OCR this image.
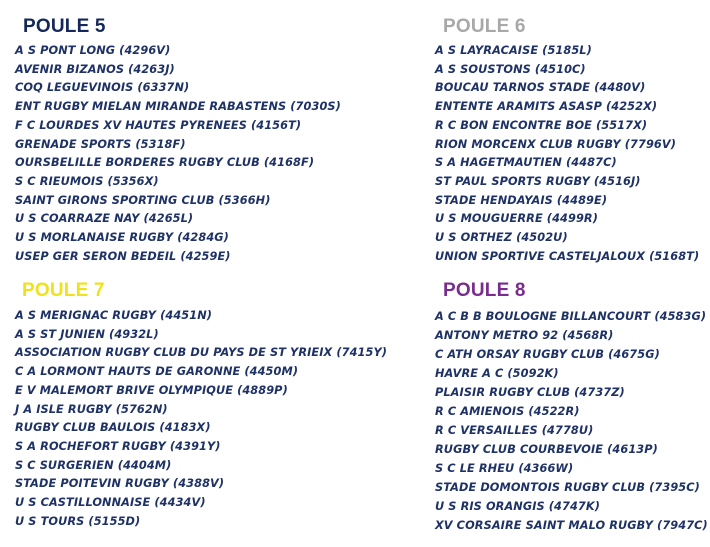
POULE 5
A S PONT LONG (4296V)
AVENIR BIZANOS (4263J)
COQ LEGUEVINOIS (6337N)
ENT RUGBY MIELAN MIRANDE RABASTENS (7030S)
F C LOURDES XV HAUTES PYRENEES (4156T)
GRENADE SPORTS (5318F)
OURSBELILLE BORDERES RUGBY CLUB (4168F)
S C RIEUMOIS (5356X)
SAINT GIRONS SPORTING CLUB (5366H)
U S COARRAZE NAY (4265L)
U S MORLANAISE RUGBY (4284G)
USEP GER SERON BEDEIL (4259E)
POULE 6
A S LAYRACAISE (5185L)
A S SOUSTONS (4510C)
BOUCAU TARNOS STADE (4480V)
ENTENTE ARAMITS ASASP (4252X)
R C BON ENCONTRE BOE (5517X)
RION MORCENX CLUB RUGBY (7796V)
S A HAGETMAUTIEN (4487C)
ST PAUL SPORTS RUGBY (4516J)
STADE HENDAYAIS (4489E)
U S MOUGUERRE (4499R)
U S ORTHEZ (4502U)
UNION SPORTIVE CASTELJALOUX (5168T)
POULE 7
A S MERIGNAC RUGBY (4451N)
A S ST JUNIEN (4932L)
ASSOCIATION RUGBY CLUB DU PAYS DE ST YRIEIX (7415Y)
C A LORMONT HAUTS DE GARONNE (4450M)
E V MALEMORT BRIVE OLYMPIQUE (4889P)
J A ISLE RUGBY (5762N)
RUGBY CLUB BAULOIS (4183X)
S A ROCHEFORT RUGBY (4391Y)
S C SURGERIEN (4404M)
STADE POITEVIN RUGBY (4388V)
U S CASTILLONNAISE (4434V)
U S TOURS (5155D)
POULE 8
A C B B BOULOGNE BILLANCOURT (4583G)
ANTONY METRO 92 (4568R)
C ATH ORSAY RUGBY CLUB (4675G)
HAVRE A C (5092K)
PLAISIR RUGBY CLUB (4737Z)
R C AMIENOIS (4522R)
R C VERSAILLES (4778U)
RUGBY CLUB COURBEVOIE (4613P)
S C LE RHEU (4366W)
STADE DOMONTOIS RUGBY CLUB (7395C)
U S RIS ORANGIS (4747K)
XV CORSAIRE SAINT MALO RUGBY (7947C)
